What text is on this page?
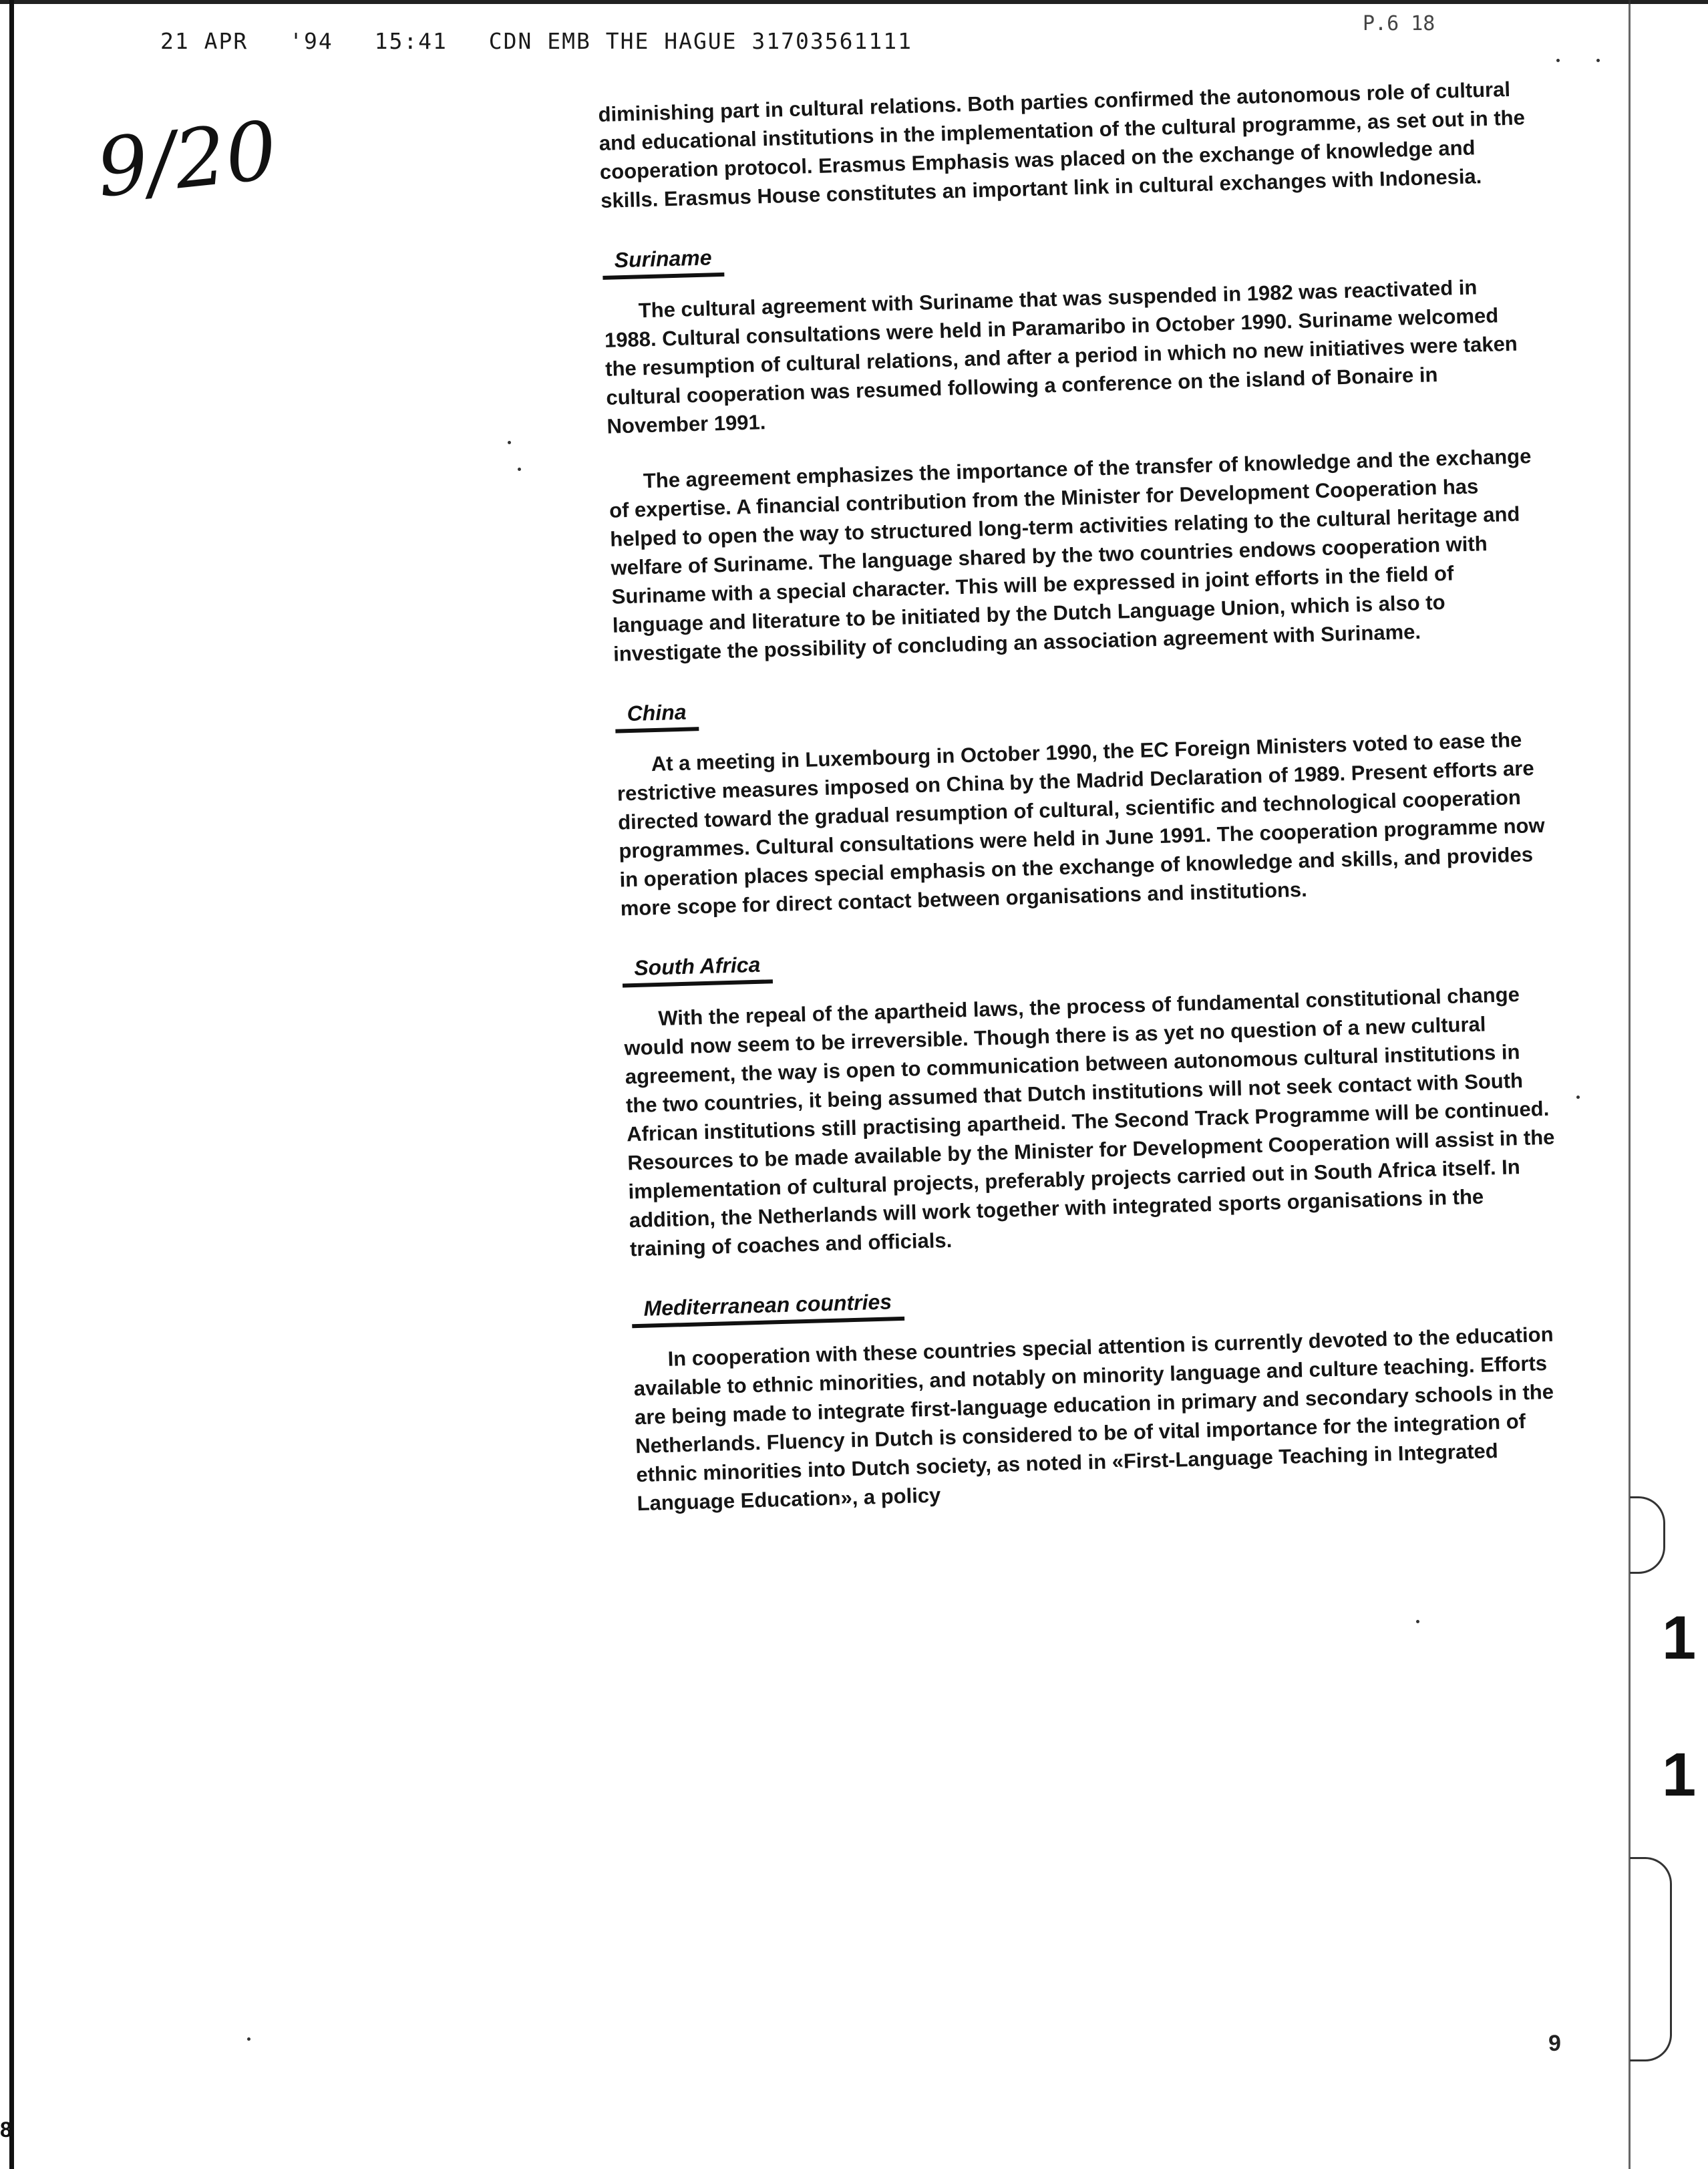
21 APR '94 15:41 CDN EMB THE HAGUE 31703561111
P.6 18
9/20

diminishing part in cultural relations. Both parties confirmed the autonomous role of cultural and educational institutions in the implementation of the cultural programme, as set out in the cooperation protocol. Erasmus Emphasis was placed on the exchange of knowledge and skills. Erasmus House constitutes an important link in cultural exchanges with Indonesia.

Suriname

The cultural agreement with Suriname that was suspended in 1982 was reactivated in 1988. Cultural consultations were held in Paramaribo in October 1990. Suriname welcomed the resumption of cultural relations, and after a period in which no new initiatives were taken cultural cooperation was resumed following a conference on the island of Bonaire in November 1991.

The agreement emphasizes the importance of the transfer of knowledge and the exchange of expertise. A financial contribution from the Minister for Development Cooperation has helped to open the way to structured long-term activities relating to the cultural heritage and welfare of Suriname. The language shared by the two countries endows cooperation with Suriname with a special character. This will be expressed in joint efforts in the field of language and literature to be initiated by the Dutch Language Union, which is also to investigate the possibility of concluding an association agreement with Suriname.

China

At a meeting in Luxembourg in October 1990, the EC Foreign Ministers voted to ease the restrictive measures imposed on China by the Madrid Declaration of 1989. Present efforts are directed toward the gradual resumption of cultural, scientific and technological cooperation programmes. Cultural consultations were held in June 1991. The cooperation programme now in operation places special emphasis on the exchange of knowledge and skills, and provides more scope for direct contact between organisations and institutions.

South Africa

With the repeal of the apartheid laws, the process of fundamental constitutional change would now seem to be irreversible. Though there is as yet no question of a new cultural agreement, the way is open to communication between autonomous cultural institutions in the two countries, it being assumed that Dutch institutions will not seek contact with South African institutions still practising apartheid. The Second Track Programme will be continued. Resources to be made available by the Minister for Development Cooperation will assist in the implementation of cultural projects, preferably projects carried out in South Africa itself. In addition, the Netherlands will work together with integrated sports organisations in the training of coaches and officials.

Mediterranean countries

In cooperation with these countries special attention is currently devoted to the education available to ethnic minorities, and notably on minority language and culture teaching. Efforts are being made to integrate first-language education in primary and secondary schools in the Netherlands. Fluency in Dutch is considered to be of vital importance for the integration of ethnic minorities into Dutch society, as noted in «First-Language Teaching in Integrated Language Education», a policy

1
1
9
8
